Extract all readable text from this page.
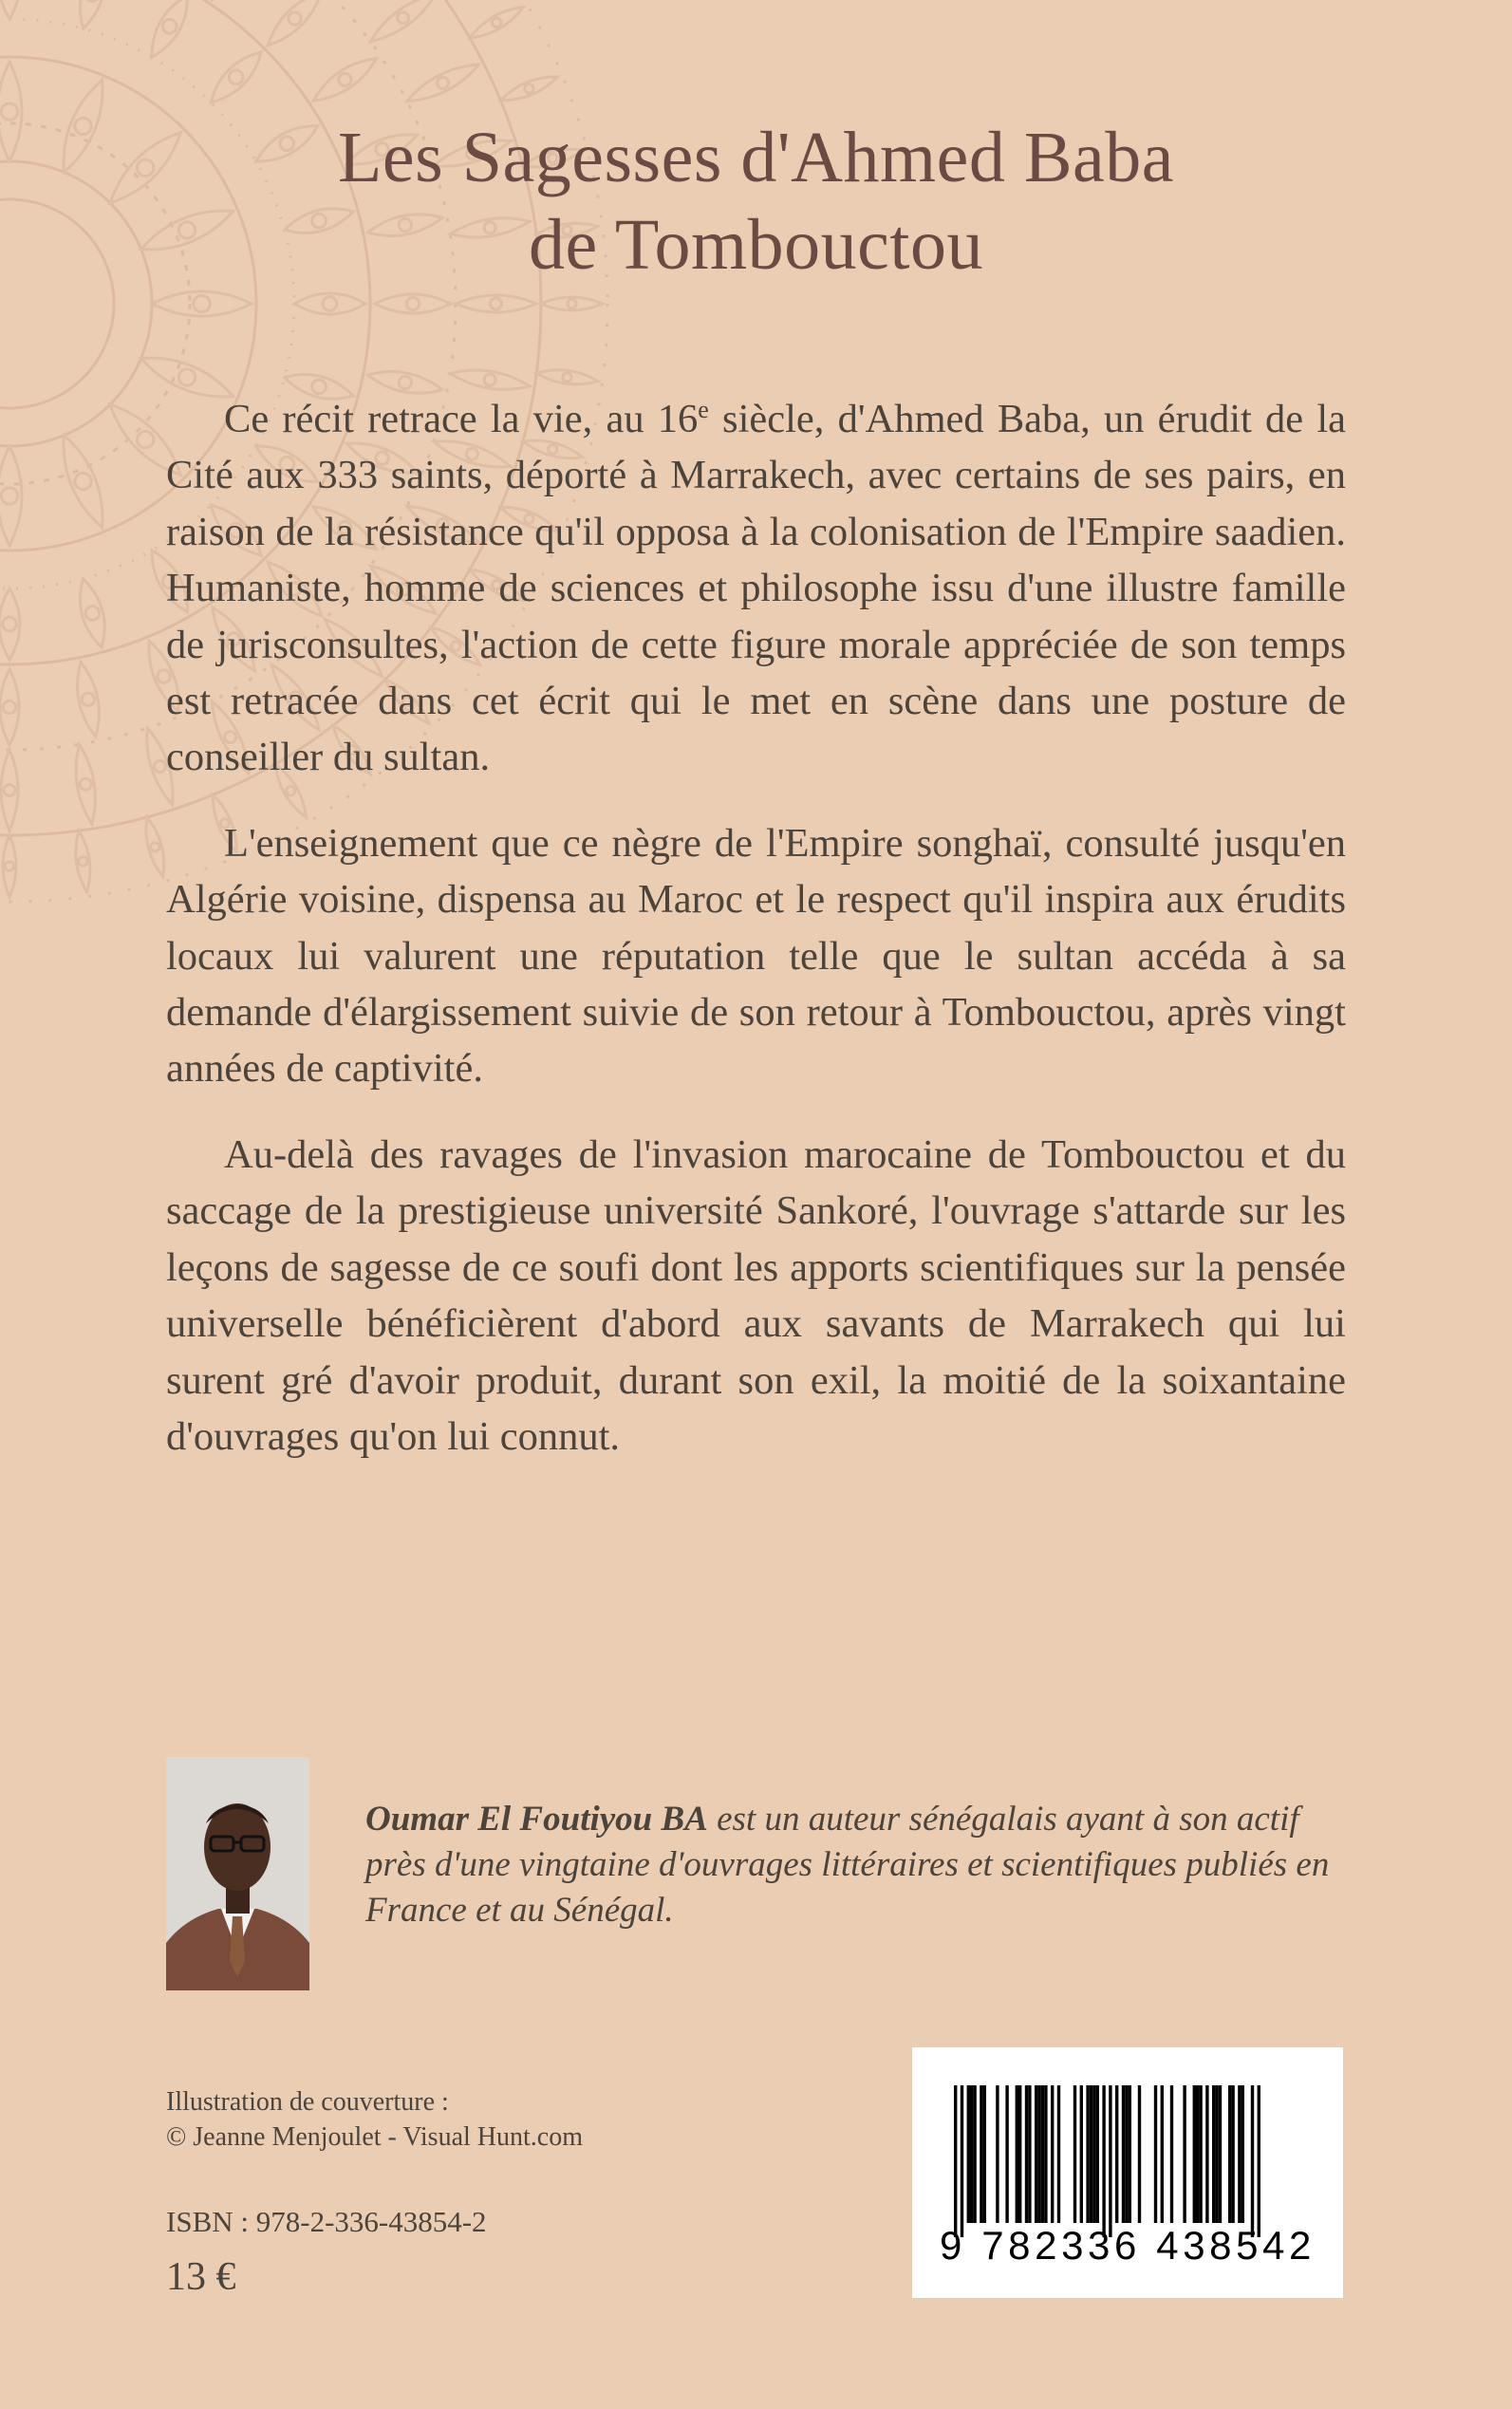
Les Sagesses d'Ahmed Baba
de Tombouctou

Ce récit retrace la vie, au 16e siècle, d'Ahmed Baba, un érudit de la Cité aux 333 saints, déporté à Marrakech, avec certains de ses pairs, en raison de la résistance qu'il opposa à la colonisation de l'Empire saadien. Humaniste, homme de sciences et philosophe issu d'une illustre famille de jurisconsultes, l'action de cette figure morale appréciée de son temps est retracée dans cet écrit qui le met en scène dans une posture de conseiller du sultan.

L'enseignement que ce nègre de l'Empire songhaï, consulté jusqu'en Algérie voisine, dispensa au Maroc et le respect qu'il inspira aux érudits locaux lui valurent une réputation telle que le sultan accéda à sa demande d'élargissement suivie de son retour à Tombouctou, après vingt années de captivité.

Au-delà des ravages de l'invasion marocaine de Tombouctou et du saccage de la prestigieuse université Sankoré, l'ouvrage s'attarde sur les leçons de sagesse de ce soufi dont les apports scientifiques sur la pensée universelle bénéficièrent d'abord aux savants de Marrakech qui lui surent gré d'avoir produit, durant son exil, la moitié de la soixantaine d'ouvrages qu'on lui connut.

Oumar El Foutiyou BA est un auteur sénégalais ayant à son actif près d'une vingtaine d'ouvrages littéraires et scientifiques publiés en France et au Sénégal.
Illustration de couverture :
© Jeanne Menjoulet - Visual Hunt.com
ISBN : 978-2-336-43854-2
13 €
9 782336 438542
